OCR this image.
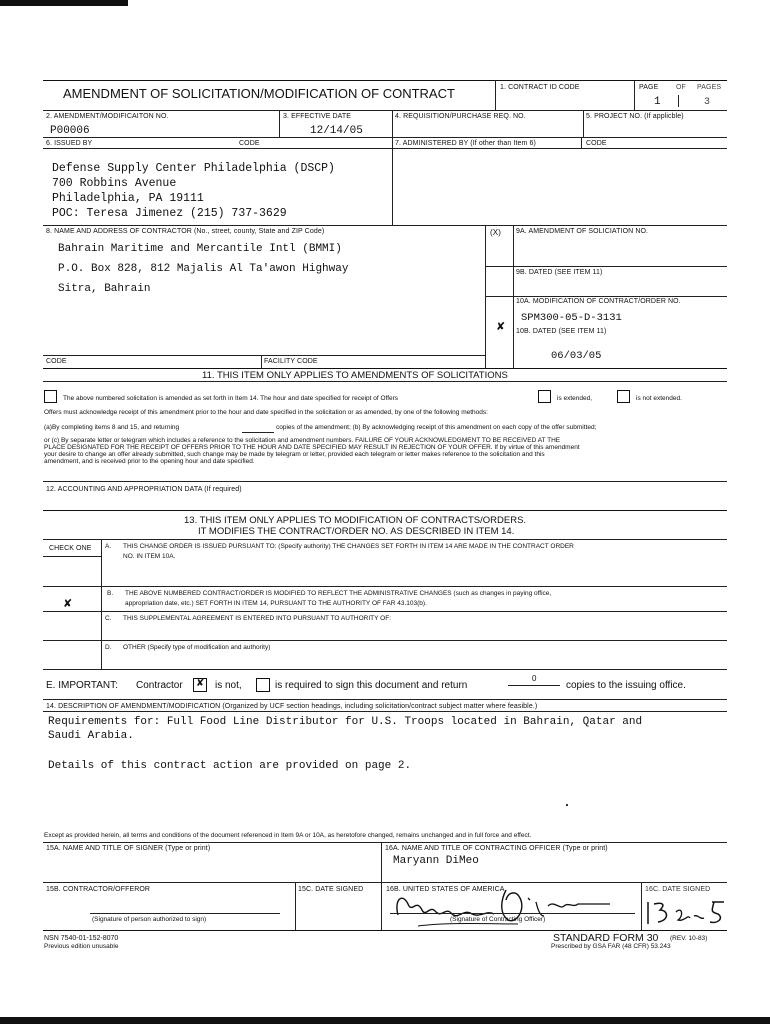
AMENDMENT OF SOLICITATION/MODIFICATION OF CONTRACT	1. CONTRACT ID CODE	PAGE	OF PAGES
1	3
2. AMENDMENT/MODIFICAITON NO.
P00006
3. EFFECTIVE DATE
12/14/05
4. REQUISITION/PURCHASE REQ. NO.	5. PROJECT NO. (If applicble)
6. ISSUED BY	CODE	7. ADMINISTERED BY (If other than Item 6)	CODE
Defense Supply Center Philadelphia (DSCP)
700 Robbins Avenue
Philadelphia, PA 19111
POC: Teresa Jimenez (215) 737-3629
8. NAME AND ADDRESS OF CONTRACTOR (No., street, county, State and ZIP Code)	(X) 9A. AMENDMENT OF SOLICIATION NO.
Bahrain Maritime and Mercantile Intl (BMMI)
P.O. Box 828, 812 Majalis Al Ta'awon Highway
Sitra, Bahrain
9B. DATED (SEE ITEM 11)
10A. MODIFICATION OF CONTRACT/ORDER NO.
SPM300-05-D-3131
✘ 10B. DATED (SEE ITEM 11)
06/03/05
CODE	FACILITY CODE
11. THIS ITEM ONLY APPLIES TO AMENDMENTS OF SOLICITATIONS
The above numbered solicitation is amended as set forth in Item 14. The hour and date specified for receipt of Offers	is extended,	is not extended.
Offers must acknowledge receipt of this amendment prior to the hour and date specified in the solicitation or as amended, by one of the following methods:
(a)By completing items 8 and 15, and returning	copies of the amendment; (b) By acknowledging receipt of this amendment on each copy of the offer submitted;
or (c) By separate letter or telegram which includes a reference to the solicitation and amendment numbers. FAILURE OF YOUR ACKNOWLEDGMENT TO BE RECEIVED AT THE
PLACE DESIGNATED FOR THE RECEIPT OF OFFERS PRIOR TO THE HOUR AND DATE SPECIFIED MAY RESULT IN REJECTION OF YOUR OFFER. If by virtue of this amendment
your desire to change an offer already submitted, such change may be made by telegram or letter, provided each telegram or letter makes reference to the solicitation and this
amendment, and is received prior to the opening hour and date specified.
12. ACCOUNTING AND APPROPRIATION DATA (If required)
13. THIS ITEM ONLY APPLIES TO MODIFICATION OF CONTRACTS/ORDERS.
IT MODIFIES THE CONTRACT/ORDER NO. AS DESCRIBED IN ITEM 14.
CHECK ONE A. THIS CHANGE ORDER IS ISSUED PURSUANT TO: (Specify authority) THE CHANGES SET FORTH IN ITEM 14 ARE MADE IN THE CONTRACT ORDER
NO. IN ITEM 10A.
B. THE ABOVE NUMBERED CONTRACT/ORDER IS MODIFIED TO REFLECT THE ADMINISTRATIVE CHANGES (such as changes in paying office,
appropriation date, etc.) SET FORTH IN ITEM 14, PURSUANT TO THE AUTHORITY OF FAR 43.103(b).
✘
C. THIS SUPPLEMENTAL AGREEMENT IS ENTERED INTO PURSUANT TO AUTHORITY OF:
D. OTHER (Specify type of modification and authority)
E. IMPORTANT: Contractor ✘ is not,	is required to sign this document and return
0
copies to the issuing office.
14. DESCRIPTION OF AMENDMENT/MODIFICATION (Organized by UCF section headings, including solicitation/contract subject matter where feasible.)
Requirements for: Full Food Line Distributor for U.S. Troops located in Bahrain, Qatar and
Saudi Arabia.
Details of this contract action are provided on page 2.
Except as provided herein, all terms and conditions of the document referenced in Item 9A or 10A, as heretofore changed, remains unchanged and in full force and effect.
15A. NAME AND TITLE OF SIGNER (Type or print)	16A. NAME AND TITLE OF CONTRACTING OFFICER (Type or print)
Maryann DiMeo
15B. CONTRACTOR/OFFEROR	15C. DATE SIGNED	16B. UNITED STATES OF AMERICA	16C. DATE SIGNED
(Signature of person authorized to sign)	(Signature of Contracting Officer)
NSN 7540-01-152-8070
Previous edition unusable
STANDARD FORM 30 (REV. 10-83)
Prescribed by GSA FAR (48 CFR) 53.243
